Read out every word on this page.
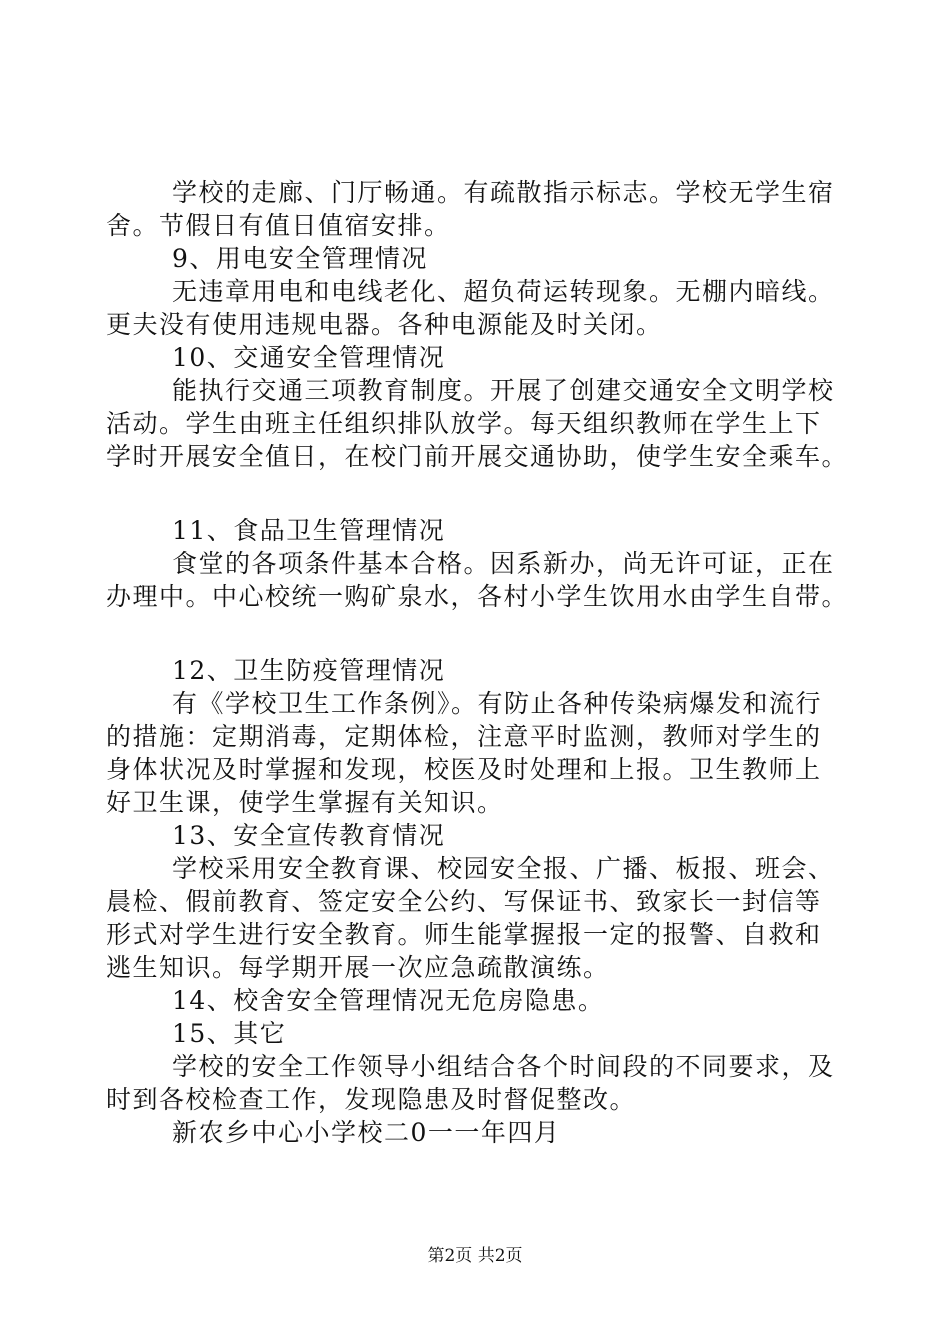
学校的走廊、门厅畅通。有疏散指示标志。学校无学生宿
舍。节假日有值日值宿安排。
9、用电安全管理情况
无违章用电和电线老化、超负荷运转现象。无棚内暗线。
更夫没有使用违规电器。各种电源能及时关闭。
10、交通安全管理情况
能执行交通三项教育制度。开展了创建交通安全文明学校
活动。学生由班主任组织排队放学。每天组织教师在学生上下
学时开展安全值日，在校门前开展交通协助，使学生安全乘车。
11、食品卫生管理情况
食堂的各项条件基本合格。因系新办，尚无许可证，正在
办理中。中心校统一购矿泉水，各村小学生饮用水由学生自带。
12、卫生防疫管理情况
有《学校卫生工作条例》。有防止各种传染病爆发和流行
的措施：定期消毒，定期体检，注意平时监测，教师对学生的
身体状况及时掌握和发现，校医及时处理和上报。卫生教师上
好卫生课，使学生掌握有关知识。
13、安全宣传教育情况
学校采用安全教育课、校园安全报、广播、板报、班会、
晨检、假前教育、签定安全公约、写保证书、致家长一封信等
形式对学生进行安全教育。师生能掌握报一定的报警、自救和
逃生知识。每学期开展一次应急疏散演练。
14、校舍安全管理情况无危房隐患。
15、其它
学校的安全工作领导小组结合各个时间段的不同要求，及
时到各校检查工作，发现隐患及时督促整改。
新农乡中心小学校二0一一年四月
第2页 共2页
